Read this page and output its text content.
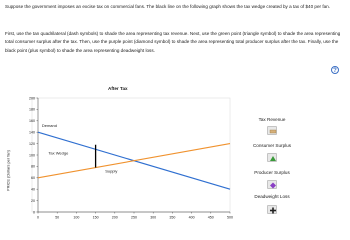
Suppose the government imposes an excise tax on commercial fans. The black line on the following graph shows the tax wedge created by a tax of $40 per fan.
First, use the tan quadrilateral (dash symbols) to shade the area representing tax revenue. Next, use the green point (triangle symbol) to shade the area representing total consumer surplus after the tax. Then, use the purple point (diamond symbol) to shade the area representing total producer surplus after the tax. Finally, use the black point (plus symbol) to shade the area representing deadweight loss.
?
After Tax
PRICE (Dollars per fan)
0
20
40
60
80
100
120
140
160
180
200
0	50	100	150	200	250	300	350	400	450	500
Demand
Tax Wedge
Supply
Tax Revenue
Consumer Surplus
Producer Surplus
Deadweight Loss
